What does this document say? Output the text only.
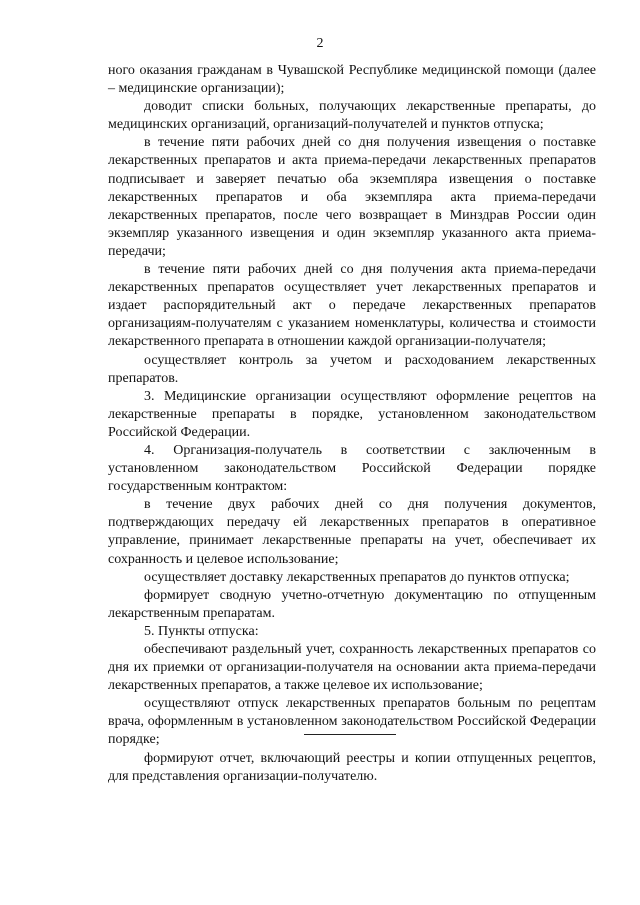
2

ного оказания гражданам в Чувашской Республике медицинской помощи (далее – медицинские организации);

доводит списки больных, получающих лекарственные препараты, до медицинских организаций, организаций-получателей и пунктов отпуска;

в течение пяти рабочих дней со дня получения извещения о поставке лекарственных препаратов и акта приема-передачи лекарственных препаратов подписывает и заверяет печатью оба экземпляра извещения о поставке лекарственных препаратов и оба экземпляра акта приема-передачи лекарственных препаратов, после чего возвращает в Минздрав России один экземпляр указанного извещения и один экземпляр указанного акта приема-передачи;

в течение пяти рабочих дней со дня получения акта приема-передачи лекарственных препаратов осуществляет учет лекарственных препаратов и издает распорядительный акт о передаче лекарственных препаратов организациям-получателям с указанием номенклатуры, количества и стоимости лекарственного препарата в отношении каждой организации-получателя;

осуществляет контроль за учетом и расходованием лекарственных препаратов.

3. Медицинские организации осуществляют оформление рецептов на лекарственные препараты в порядке, установленном законодательством Российской Федерации.

4. Организация-получатель в соответствии с заключенным в установленном законодательством Российской Федерации порядке государственным контрактом:

в течение двух рабочих дней со дня получения документов, подтверждающих передачу ей лекарственных препаратов в оперативное управление, принимает лекарственные препараты на учет, обеспечивает их сохранность и целевое использование;

осуществляет доставку лекарственных препаратов до пунктов отпуска;

формирует сводную учетно-отчетную документацию по отпущенным лекарственным препаратам.

5. Пункты отпуска:

обеспечивают раздельный учет, сохранность лекарственных препаратов со дня их приемки от организации-получателя на основании акта приема-передачи лекарственных препаратов, а также целевое их использование;

осуществляют отпуск лекарственных препаратов больным по рецептам врача, оформленным в установленном законодательством Российской Федерации порядке;

формируют отчет, включающий реестры и копии отпущенных рецептов, для представления организации-получателю.
